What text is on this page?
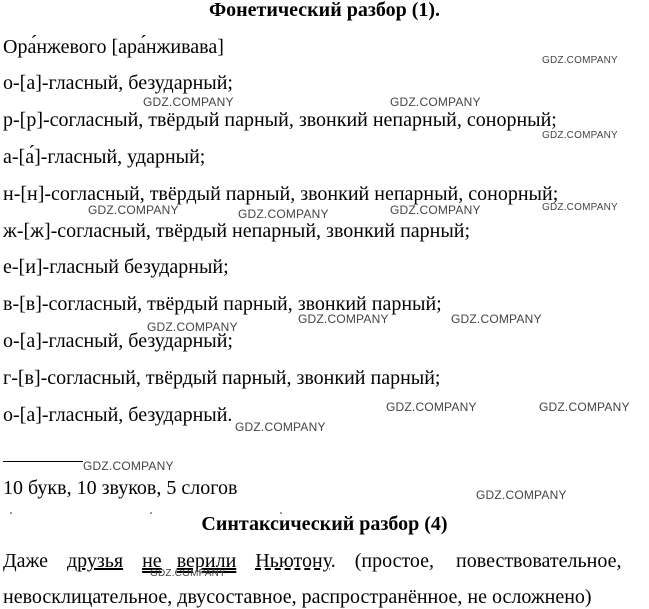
Фонетический разбор (1).
Ора́нжевого [ара́нживава]
о-[а]-гласный, безударный;
р-[р]-согласный, твёрдый парный, звонкий непарный, сонорный;
а-[а́]-гласный, ударный;
н-[н]-согласный, твёрдый парный, звонкий непарный, сонорный;
ж-[ж]-согласный, твёрдый непарный, звонкий парный;
е-[и]-гласный безударный;
в-[в]-согласный, твёрдый парный, звонкий парный;
о-[а]-гласный, безударный;
г-[в]-согласный, твёрдый парный, звонкий парный;
о-[а]-гласный, безударный.
10 букв, 10 звуков, 5 слогов
Синтаксический разбор (4)
Даже друзья не верили Ньютону. (простое, повествовательное,
невосклицательное, двусоставное, распространённое, не осложнено)
GDZ.COMPANY
GDZ.COMPANY	GDZ.COMPANY
GDZ.COMPANY
GDZ.COMPANY	GDZ.COMPANY	GDZ.COMPANY	GDZ.COMPANY
GDZ.COMPANY
GDZ.COMPANY	GDZ.COMPANY
GDZ.COMPANY	GDZ.COMPANY
GDZ.COMPANY
GDZ.COMPANY
GDZ.COMPANY
GDZ.COMPANY
